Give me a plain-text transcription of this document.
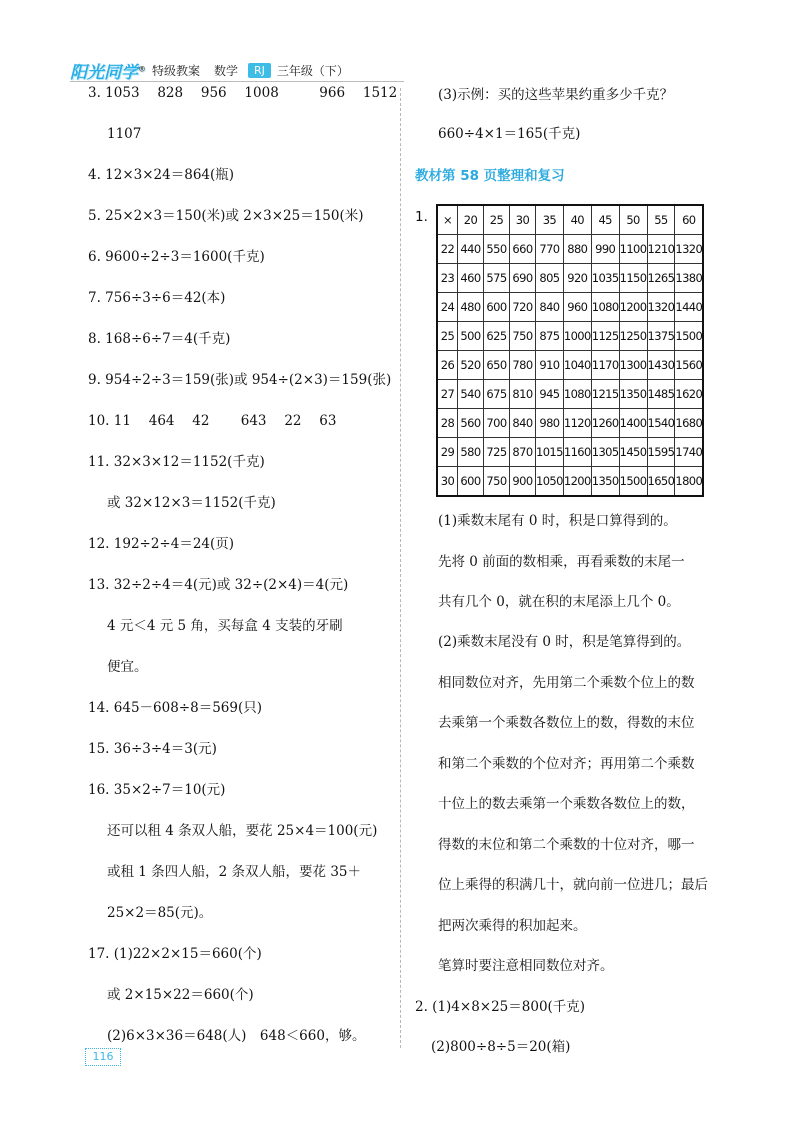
阳光同学® 特级教案 数学	RJ	三年级（下）
3. 1053　 828　 956　 1008　　　966　 1512
1107
4. 12×3×24＝864(瓶)
5. 25×2×3＝150(米)或 2×3×25＝150(米)
6. 9600÷2÷3＝1600(千克)
7. 756÷3÷6＝42(本)
8. 168÷6÷7＝4(千克)
9. 954÷2÷3＝159(张)或 954÷(2×3)＝159(张)
10. 11　 464　 42　　 643　 22　 63
11. 32×3×12＝1152(千克)
或 32×12×3＝1152(千克)
12. 192÷2÷4＝24(页)
13. 32÷2÷4＝4(元)或 32÷(2×4)＝4(元)
4 元＜4 元 5 角，买每盒 4 支装的牙刷
便宜。
14. 645－608÷8＝569(只)
15. 36÷3÷4＝3(元)
16. 35×2÷7＝10(元)
还可以租 4 条双人船，要花 25×4＝100(元)
或租 1 条四人船，2 条双人船，要花 35＋
25×2＝85(元)。
17. (1)22×2×15＝660(个)
或 2×15×22＝660(个)
(2)6×3×36＝648(人)　648＜660，够。
(3)示例：买的这些苹果约重多少千克？
660÷4×1＝165(千克)
教材第 58 页整理和复习
1. ×	20	25	30	35	40	45	50	55	60
22	440	550	660	770	880	990	1100	1210	1320
23	460	575	690	805	920	1035	1150	1265	1380
24	480	600	720	840	960	1080	1200	1320	1440
25	500	625	750	875	1000	1125	1250	1375	1500
26	520	650	780	910	1040	1170	1300	1430	1560
27	540	675	810	945	1080	1215	1350	1485	1620
28	560	700	840	980	1120	1260	1400	1540	1680
29	580	725	870	1015	1160	1305	1450	1595	1740
30	600	750	900	1050	1200	1350	1500	1650	1800
(1)乘数末尾有 0 时，积是口算得到的。
先将 0 前面的数相乘，再看乘数的末尾一
共有几个 0，就在积的末尾添上几个 0。
(2)乘数末尾没有 0 时，积是笔算得到的。
相同数位对齐，先用第二个乘数个位上的数
去乘第一个乘数各数位上的数，得数的末位
和第二个乘数的个位对齐；再用第二个乘数
十位上的数去乘第一个乘数各数位上的数，
得数的末位和第二个乘数的十位对齐，哪一
位上乘得的积满几十，就向前一位进几；最后
把两次乘得的积加起来。
笔算时要注意相同数位对齐。
2. (1)4×8×25＝800(千克)
(2)800÷8÷5＝20(箱)
116
